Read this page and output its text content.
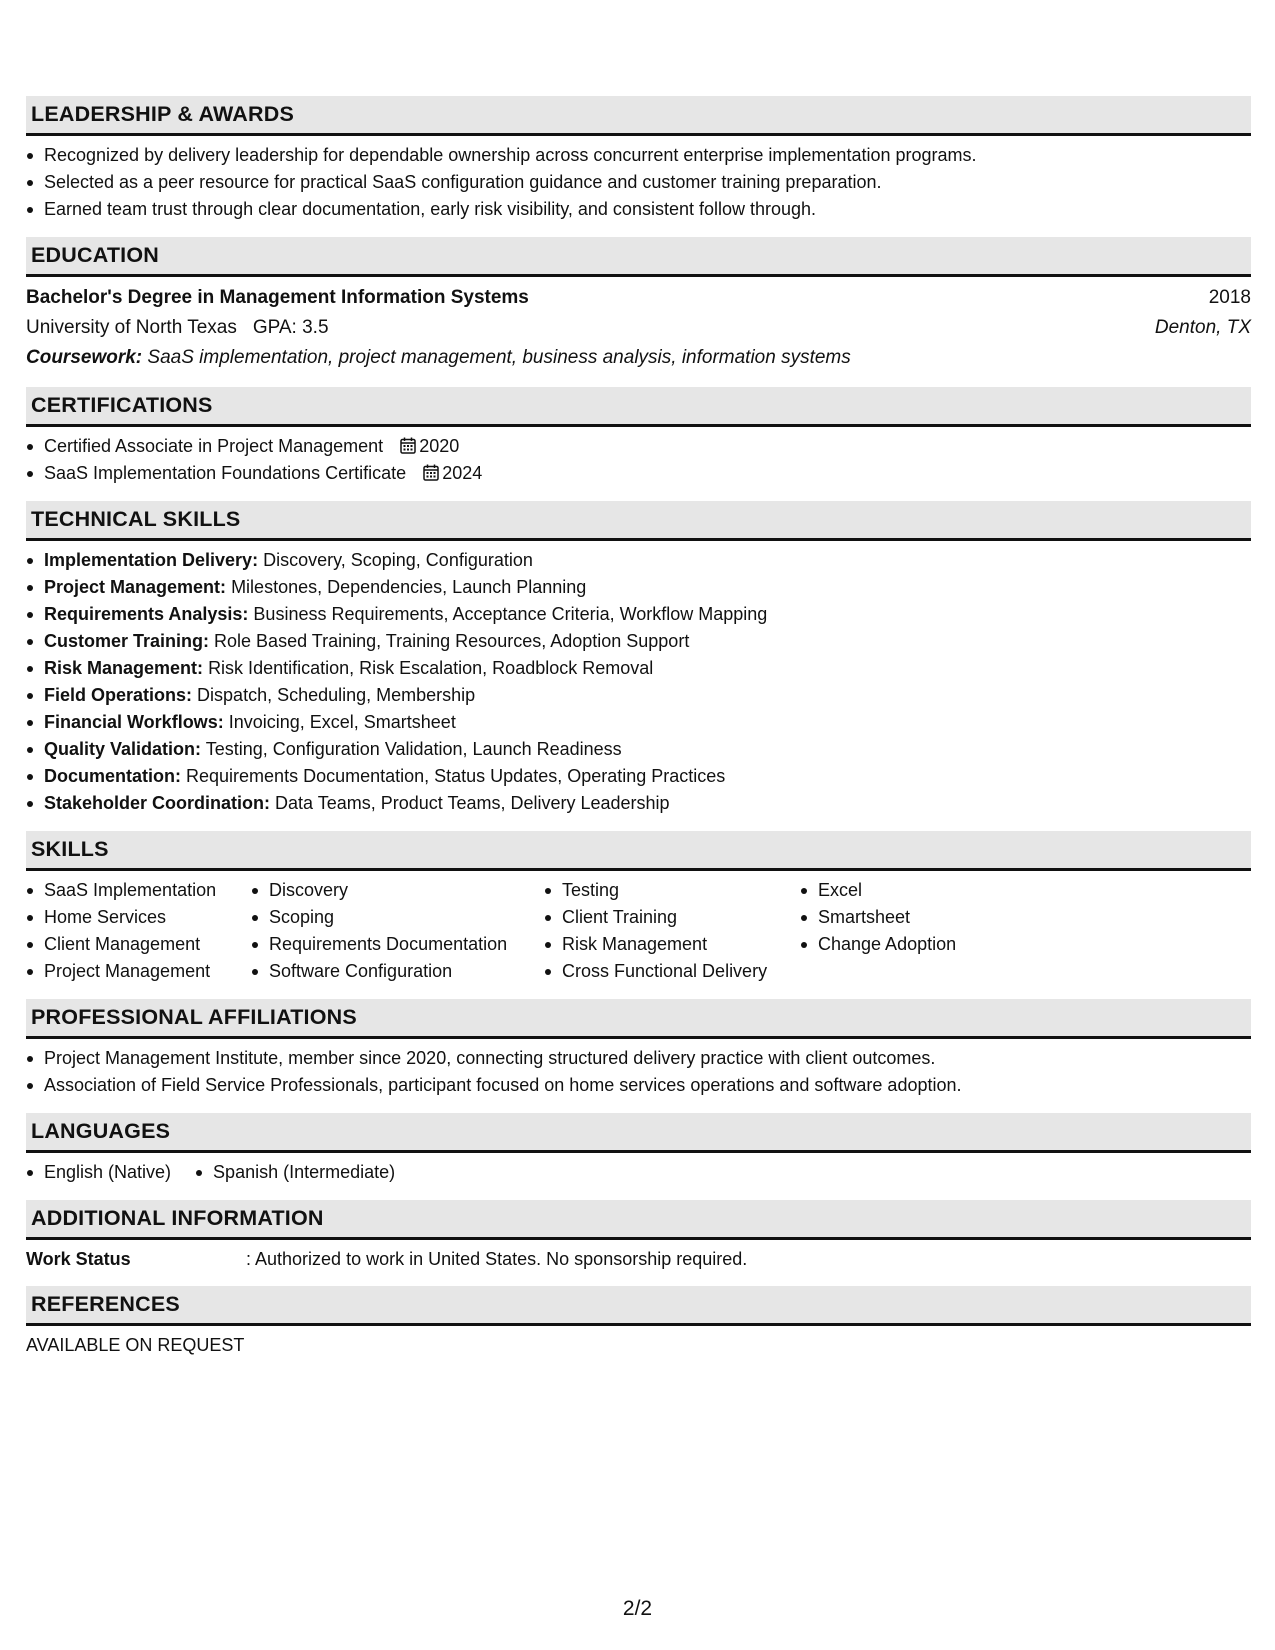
LEADERSHIP & AWARDS
Recognized by delivery leadership for dependable ownership across concurrent enterprise implementation programs.
Selected as a peer resource for practical SaaS configuration guidance and customer training preparation.
Earned team trust through clear documentation, early risk visibility, and consistent follow through.
EDUCATION
Bachelor's Degree in Management Information Systems	2018
University of North Texas GPA: 3.5	Denton, TX
Coursework: SaaS implementation, project management, business analysis, information systems
CERTIFICATIONS
Certified Associate in Project Management 2020
SaaS Implementation Foundations Certificate 2024
TECHNICAL SKILLS
Implementation Delivery: Discovery, Scoping, Configuration
Project Management: Milestones, Dependencies, Launch Planning
Requirements Analysis: Business Requirements, Acceptance Criteria, Workflow Mapping
Customer Training: Role Based Training, Training Resources, Adoption Support
Risk Management: Risk Identification, Risk Escalation, Roadblock Removal
Field Operations: Dispatch, Scheduling, Membership
Financial Workflows: Invoicing, Excel, Smartsheet
Quality Validation: Testing, Configuration Validation, Launch Readiness
Documentation: Requirements Documentation, Status Updates, Operating Practices
Stakeholder Coordination: Data Teams, Product Teams, Delivery Leadership
SKILLS
SaaS Implementation
Home Services
Client Management
Project Management
Discovery
Scoping
Requirements Documentation
Software Configuration
Testing
Client Training
Risk Management
Cross Functional Delivery
Excel
Smartsheet
Change Adoption
PROFESSIONAL AFFILIATIONS
Project Management Institute, member since 2020, connecting structured delivery practice with client outcomes.
Association of Field Service Professionals, participant focused on home services operations and software adoption.
LANGUAGES
English (Native)	Spanish (Intermediate)
ADDITIONAL INFORMATION
Work Status	: Authorized to work in United States. No sponsorship required.
REFERENCES
AVAILABLE ON REQUEST
2/2
